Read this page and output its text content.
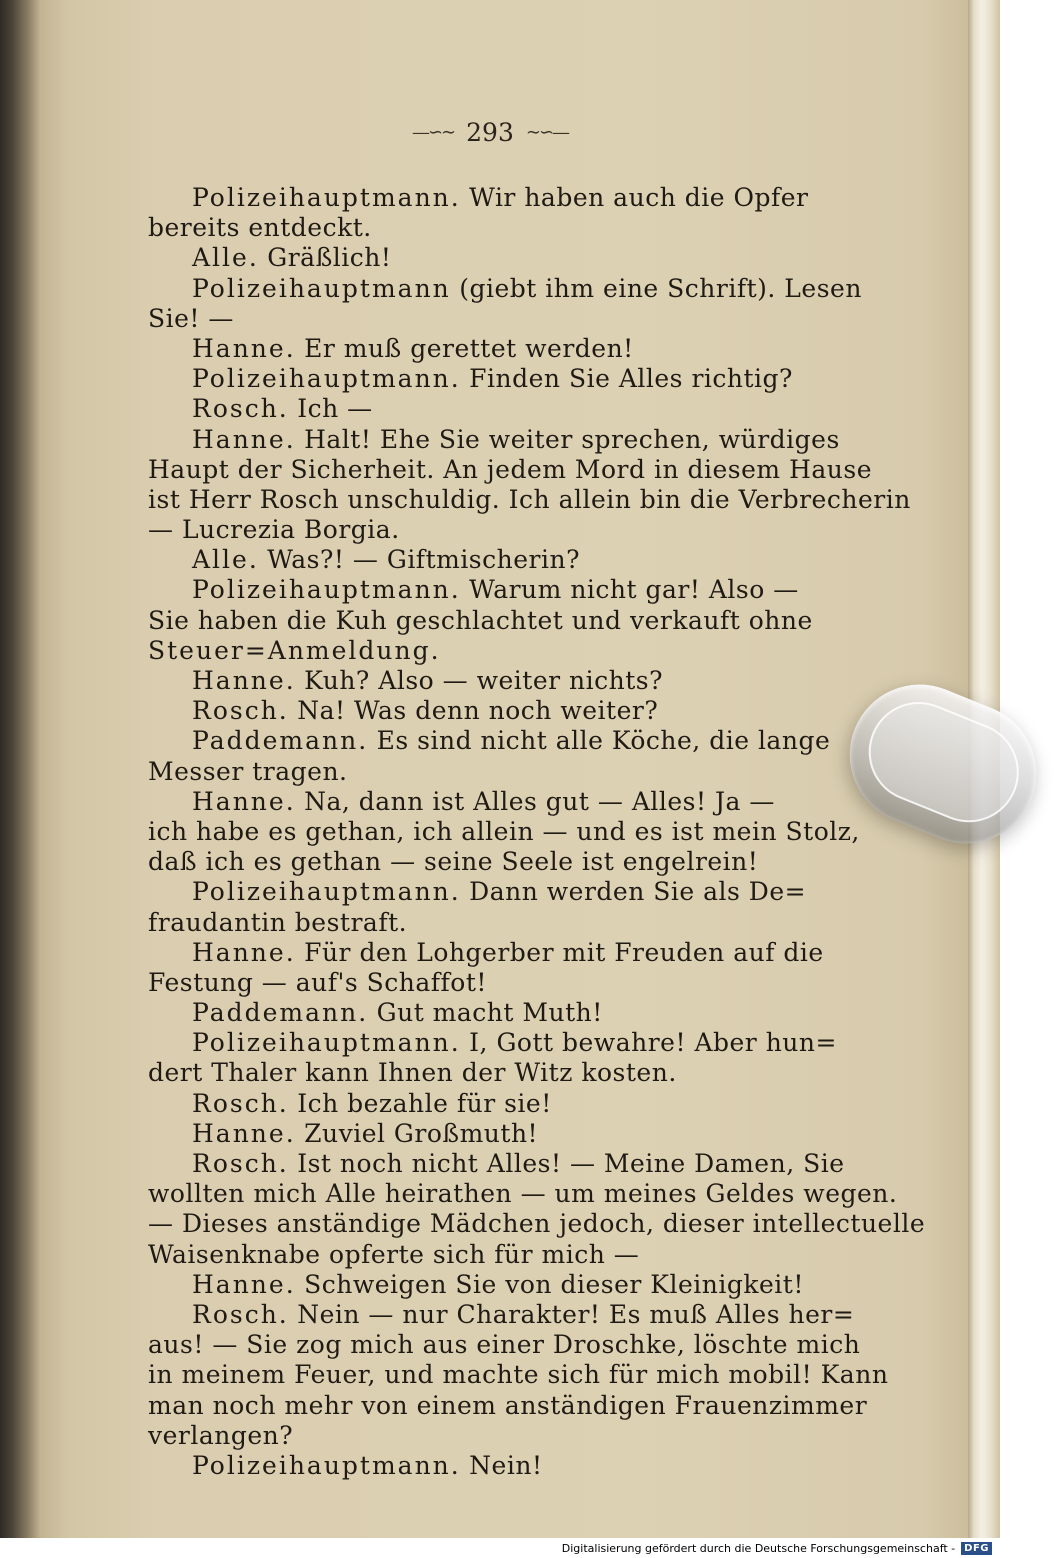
—∽∼ 293 ∼∽—
Polizeihauptmann. Wir haben auch die Opfer
bereits entdeckt.
Alle. Gräßlich!
Polizeihauptmann (giebt ihm eine Schrift). Lesen
Sie! —
Hanne. Er muß gerettet werden!
Polizeihauptmann. Finden Sie Alles richtig?
Rosch. Ich —
Hanne. Halt! Ehe Sie weiter sprechen, würdiges
Haupt der Sicherheit. An jedem Mord in diesem Hause
ist Herr Rosch unschuldig. Ich allein bin die Verbrecherin
— Lucrezia Borgia.
Alle. Was?! — Giftmischerin?
Polizeihauptmann. Warum nicht gar! Also —
Sie haben die Kuh geschlachtet und verkauft ohne
Steuer=Anmeldung.
Hanne. Kuh? Also — weiter nichts?
Rosch. Na! Was denn noch weiter?
Paddemann. Es sind nicht alle Köche, die lange
Messer tragen.
Hanne. Na, dann ist Alles gut — Alles! Ja —
ich habe es gethan, ich allein — und es ist mein Stolz,
daß ich es gethan — seine Seele ist engelrein!
Polizeihauptmann. Dann werden Sie als De=
fraudantin bestraft.
Hanne. Für den Lohgerber mit Freuden auf die
Festung — auf's Schaffot!
Paddemann. Gut macht Muth!
Polizeihauptmann. I, Gott bewahre! Aber hun=
dert Thaler kann Ihnen der Witz kosten.
Rosch. Ich bezahle für sie!
Hanne. Zuviel Großmuth!
Rosch. Ist noch nicht Alles! — Meine Damen, Sie
wollten mich Alle heirathen — um meines Geldes wegen.
— Dieses anständige Mädchen jedoch, dieser intellectuelle
Waisenknabe opferte sich für mich —
Hanne. Schweigen Sie von dieser Kleinigkeit!
Rosch. Nein — nur Charakter! Es muß Alles her=
aus! — Sie zog mich aus einer Droschke, löschte mich
in meinem Feuer, und machte sich für mich mobil! Kann
man noch mehr von einem anständigen Frauenzimmer
verlangen?
Polizeihauptmann. Nein!
Digitalisierung gefördert durch die Deutsche Forschungsgemeinschaft - DFG
